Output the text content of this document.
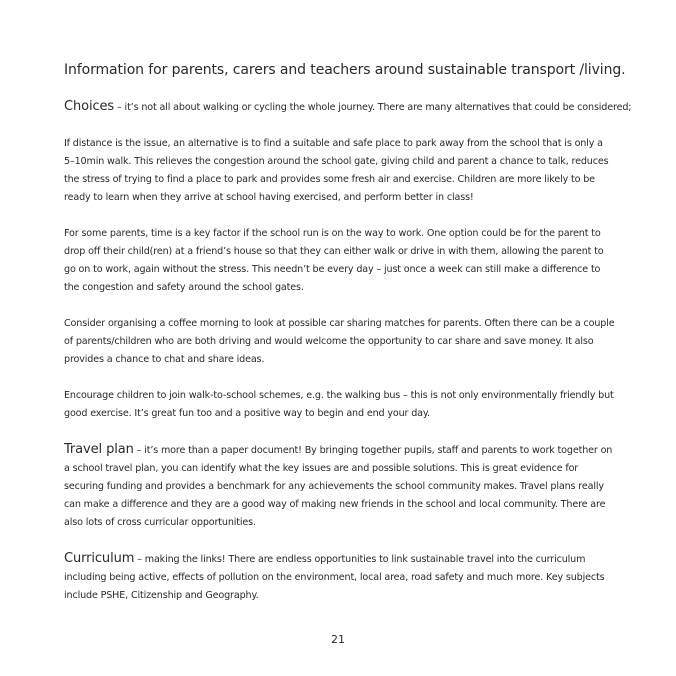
Information for parents, carers and teachers around sustainable transport /living.

Choices – it’s not all about walking or cycling the whole journey. There are many alternatives that could be considered;

If distance is the issue, an alternative is to find a suitable and safe place to park away from the school that is only a 5–10min walk. This relieves the congestion around the school gate, giving child and parent a chance to talk, reduces the stress of trying to find a place to park and provides some fresh air and exercise. Children are more likely to be ready to learn when they arrive at school having exercised, and perform better in class!

For some parents, time is a key factor if the school run is on the way to work. One option could be for the parent to drop off their child(ren) at a friend’s house so that they can either walk or drive in with them, allowing the parent to go on to work, again without the stress. This needn’t be every day – just once a week can still make a difference to the congestion and safety around the school gates.

Consider organising a coffee morning to look at possible car sharing matches for parents. Often there can be a couple of parents/children who are both driving and would welcome the opportunity to car share and save money. It also provides a chance to chat and share ideas.

Encourage children to join walk-to-school schemes, e.g. the walking bus – this is not only environmentally friendly but good exercise. It’s great fun too and a positive way to begin and end your day.

Travel plan – it’s more than a paper document! By bringing together pupils, staff and parents to work together on a school travel plan, you can identify what the key issues are and possible solutions. This is great evidence for securing funding and provides a benchmark for any achievements the school community makes. Travel plans really can make a difference and they are a good way of making new friends in the school and local community. There are also lots of cross curricular opportunities.

Curriculum – making the links! There are endless opportunities to link sustainable travel into the curriculum including being active, effects of pollution on the environment, local area, road safety and much more. Key subjects include PSHE, Citizenship and Geography.

21
